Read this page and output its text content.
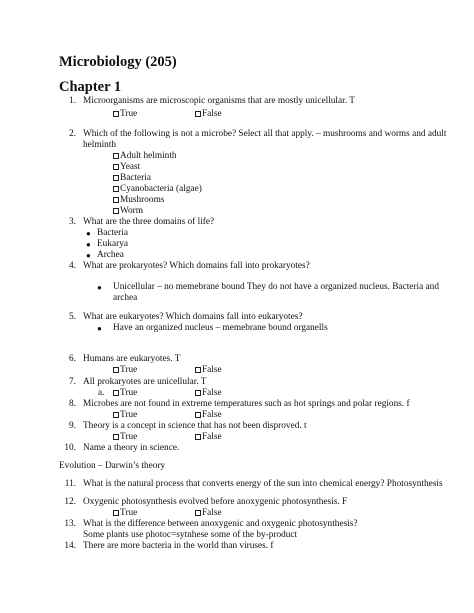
Microbiology (205)
Chapter 1
1. Microorganisms are microscopic organisms that are mostly unicellular. T
True	False
2. Which of the following is not a microbe? Select all that apply. – mushrooms and worms and adult
helminth
Adult helminth
Yeast
Bacteria
Cyanobacteria (algae)
Mushrooms
Worm
3. What are the three domains of life?
● Bacteria
● Eukarya
● Archea
4. What are prokaryotes? Which domains fall into prokaryotes?
● Unicellular – no memebrane bound They do not have a organized nucleus. Bacteria and
archea
5. What are eukaryotes? Which domains fall into eukaryotes?
● Have an organized nucleus – memebrane bound organells
6. Humans are eukaryotes. T
True	False
7. All prokaryotes are unicellular. T
a.	True	False
8. Microbes are not found in extreme temperatures such as hot springs and polar regions. f
True	False
9. Theory is a concept in science that has not been disproved. t
True	False
10. Name a theory in science.
Evolution – Darwin’s theory
11. What is the natural process that converts energy of the sun into chemical energy? Photosynthesis
12. Oxygenic photosynthesis evolved before anoxygenic photosynthesis. F
True	False
13. What is the difference between anoxygenic and oxygenic photosynthesis?
Some plants use photoc=sytnhese some of the by-product
14. There are more bacteria in the world than viruses. f
